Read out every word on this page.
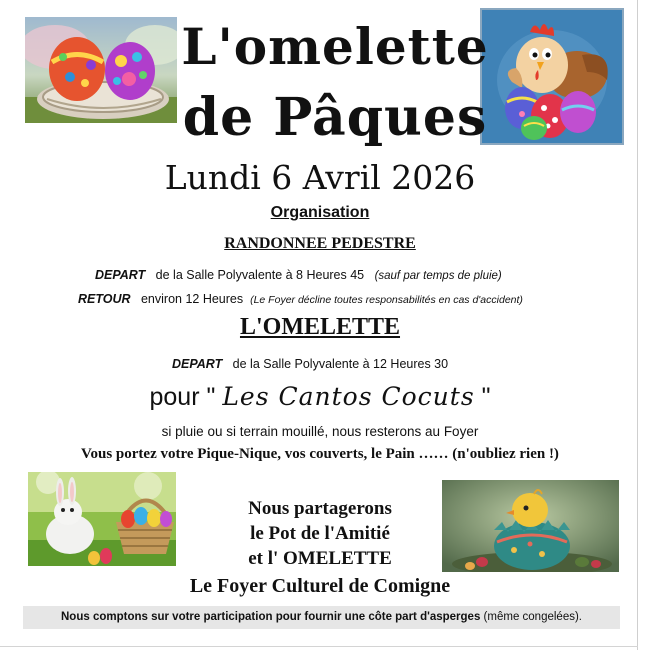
L'omelette
de Pâques
Lundi 6 Avril 2026
Organisation
RANDONNEE PEDESTRE
DEPART de la Salle Polyvalente à 8 Heures 45 (sauf par temps de pluie)
RETOUR environ 12 Heures (Le Foyer décline toutes responsabilités en cas d'accident)
L'OMELETTE
DEPART de la Salle Polyvalente à 12 Heures 30
pour " Les Cantos Cocuts "
si pluie ou si terrain mouillé, nous resterons au Foyer
Vous portez votre Pique-Nique, vos couverts, le Pain …… (n'oubliez rien !)
Nous partagerons
le Pot de l'Amitié
et l' OMELETTE
Le Foyer Culturel de Comigne
Nous comptons sur votre participation pour fournir une côte part d'asperges (même congelées).
